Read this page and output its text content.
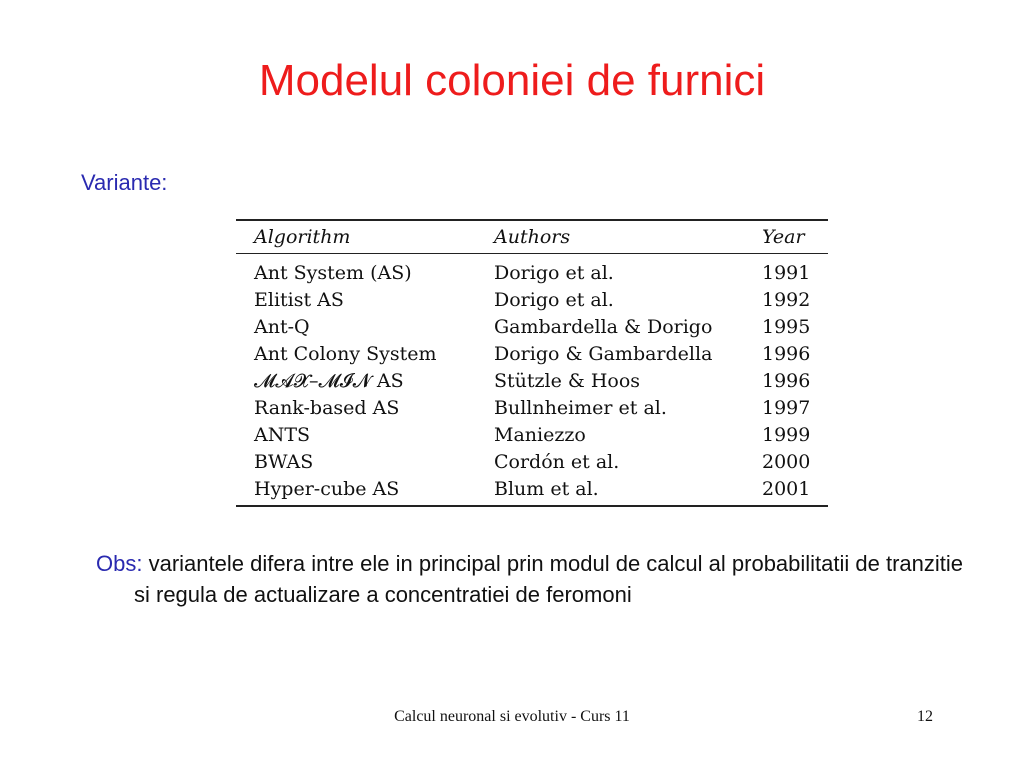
Modelul coloniei de furnici
Variante:
Algorithm	Authors	Year
Ant System (AS)	Dorigo et al.	1991
Elitist AS	Dorigo et al.	1992
Ant-Q	Gambardella & Dorigo	1995
Ant Colony System	Dorigo & Gambardella	1996
𝓜𝓐𝓧–𝓜𝓘𝓝 AS	Stützle & Hoos	1996
Rank-based AS	Bullnheimer et al.	1997
ANTS	Maniezzo	1999
BWAS	Cordón et al.	2000
Hyper-cube AS	Blum et al.	2001
Obs: variantele difera intre ele in principal prin modul de calcul al probabilitatii de tranzitie si regula de actualizare a concentratiei de feromoni
Calcul neuronal si evolutiv - Curs 11	12
